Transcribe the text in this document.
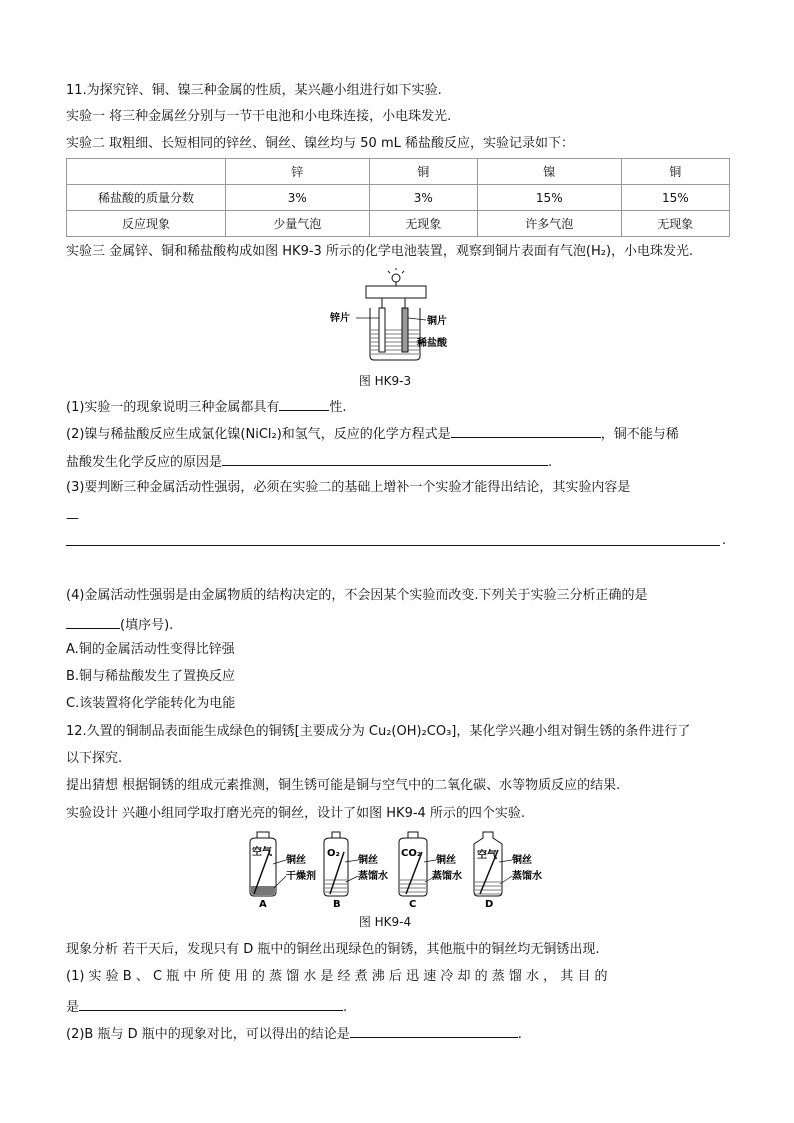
11.为探究锌、铜、镍三种金属的性质，某兴趣小组进行如下实验.
实验一 将三种金属丝分别与一节干电池和小电珠连接，小电珠发光.
实验二 取粗细、长短相同的锌丝、铜丝、镍丝均与 50 mL 稀盐酸反应，实验记录如下：
	锌	铜	镍	铜
稀盐酸的质量分数	3%	3%	15%	15%
反应现象	少量气泡	无现象	许多气泡	无现象
实验三 金属锌、铜和稀盐酸构成如图 HK9-3 所示的化学电池装置，观察到铜片表面有气泡(H₂)，小电珠发光.
锌片	铜片
稀盐酸
图 HK9-3
(1)实验一的现象说明三种金属都具有	性.
(2)镍与稀盐酸反应生成氯化镍(NiCl₂)和氢气，反应的化学方程式是	，铜不能与稀
盐酸发生化学反应的原因是	.
(3)要判断三种金属活动性强弱，必须在实验二的基础上增补一个实验才能得出结论，其实验内容是
—
.
(4)金属活动性强弱是由金属物质的结构决定的，不会因某个实验而改变.下列关于实验三分析正确的是
(填序号).
A.铜的金属活动性变得比锌强
B.铜与稀盐酸发生了置换反应
C.该装置将化学能转化为电能
12.久置的铜制品表面能生成绿色的铜锈[主要成分为 Cu₂(OH)₂CO₃]，某化学兴趣小组对铜生锈的条件进行了
以下探究.
提出猜想 根据铜锈的组成元素推测，铜生锈可能是铜与空气中的二氧化碳、水等物质反应的结果.
实验设计 兴趣小组同学取打磨光亮的铜丝，设计了如图 HK9-4 所示的四个实验.
空气
铜丝
干燥剂
A
O₂
铜丝
蒸馏水
B
CO₂
铜丝
蒸馏水
C
空气 铜丝
蒸馏水
D
图 HK9-4
现象分析 若干天后，发现只有 D 瓶中的铜丝出现绿色的铜锈，其他瓶中的铜丝均无铜锈出现.
(1) 实 验 B 、 C 瓶 中 所 使 用 的 蒸 馏 水 是 经 煮 沸 后 迅 速 冷 却 的 蒸 馏 水 ， 其 目 的
是	.
(2)B 瓶与 D 瓶中的现象对比，可以得出的结论是	.
